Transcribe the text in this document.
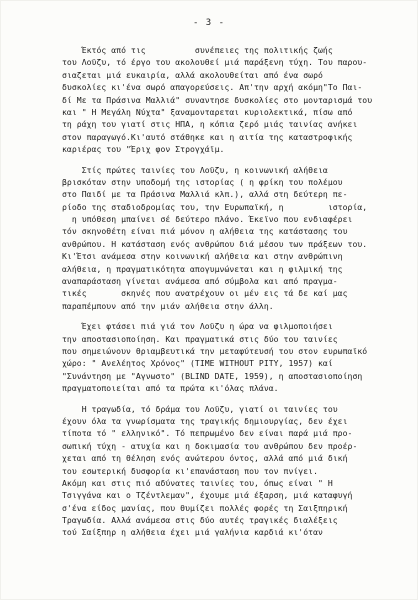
- 3 -
Έκτός από τις          συνέπειες της πολιτικής ζωής
του Λοϋζυ, τό έργο του ακολουθεί μιά παράξενη τύχη. Του παρου-
σιαζεται μιά ευκαιρία, αλλά ακολουθείται από ένα σωρό
δυσκολίες κι'ένα σωρό απαγορεύσεις. Απ'την αρχή ακόμη"Το Παι-
δί Με τα Πράσινα Μαλλιά" συναντησε δυσκολίες στο μονταρισμά του
και " Η Μεγάλη Νύχτα" ξαναμονταρεται κυριολεκτικά, πίσω από
τη ράχη του γιατί στις ΗΠΑ, η κόπια ζερό μιάς ταινίας ανήκει
στον παραγωγό.Κι'αυτό στάθηκε και η αιτία της καταστροφικής
καριέρας του "Έριχ φον Στρογχάϊμ.
Στίς πρώτες ταινίες του Λοϋζυ, η κοινωνική αλήθεια
βρισκόταν στην υποδομή της ιστορίας ( η φρίκη του πολέμου
στο Παιδί με τα Πράσινα Μαλλιά κλπ.), αλλά στη δεύτερη πε-
ρίοδο της σταδιοδρομίας του, την Ευρωπαϊκή, η         ιστορία,
η υπόθεση μπαίνει σέ δεύτερο πλάνο. Έκεϊνο που ενδιαφέρει
τόν σκηνοθέτη είναι πιά μόνον η αλήθεια της κατάστασης του
ανθρώπου. Η κατάσταση ενός ανθρώπου διά μέσου των πράξεων του.
Κι'Έτσι ανάμεσα στην κοινωνική αλήθεια και στην ανθρώπινη
αλήθεια, η πραγματικότητα απογυμνώνεται και η φιλμική της
αναπαράσταση γίνεται ανάμεσα από σύμβολα και από πραγμα-
τικές       σκηνές που ανατρέχουν οι μέν εις τά δε καί μας
παραπέμπουν από την μιάν αλήθεια στην άλλη.
Έχει φτάσει πιά γιά τον Λοϋζυ η ώρα να φιλμοποιήσει
την αποστασιοποίηση. Και πραγματικά στις δύο του ταινίες
που σημειώνουν θριαμβευτικά την μεταφύτευσή του στον ευρωπαϊκό
χώρο: " Ανελέητος Χρόνος" (TIME WITHOUT PITY, 1957) καί
"Συνάντηση με "Αγνωστο" (BLIND DATE, 1959), η αποστασιοποίηση
πραγματοποιείται από τα πρώτα κι'όλας πλάνα.
Η τραγωδία, τό δράμα του Λοϋζυ, γιατί οι ταινίες του
έχουν όλα τα γνωρίσματα της τραγικής δημιουργίας, δεν έχει
τίποτα τό " ελληνικό". Τό πεπρωμένο δεν είναι παρά μιά προ-
σωπική τύχη - ατυχία και η δοκιμασία του ανθρώπου δεν προέρ-
χεται από τη θέληση ενός ανώτερου όντος, αλλά από μιά δική
του εσωτερική δυσφορία κι'επανάσταση που τον πνίγει.
Ακόμη και στις πιό αδύνατες ταινίες του, όπως είναι " Η
Τσιγγάνα και ο Τζέντλεμαν", έχουμε μιά έξαρση, μιά καταφυγή
σ'ένα είδος μανίας, που θυμίζει πολλές φορές τη Σαιξπηρική
Τραγωδία. Αλλά ανάμεσα στις δύο αυτές τραγικές διαλέξεις
τού Σαίξπηρ η αλήθεια έχει μιά γαλήνια καρδιά κι'όταν
